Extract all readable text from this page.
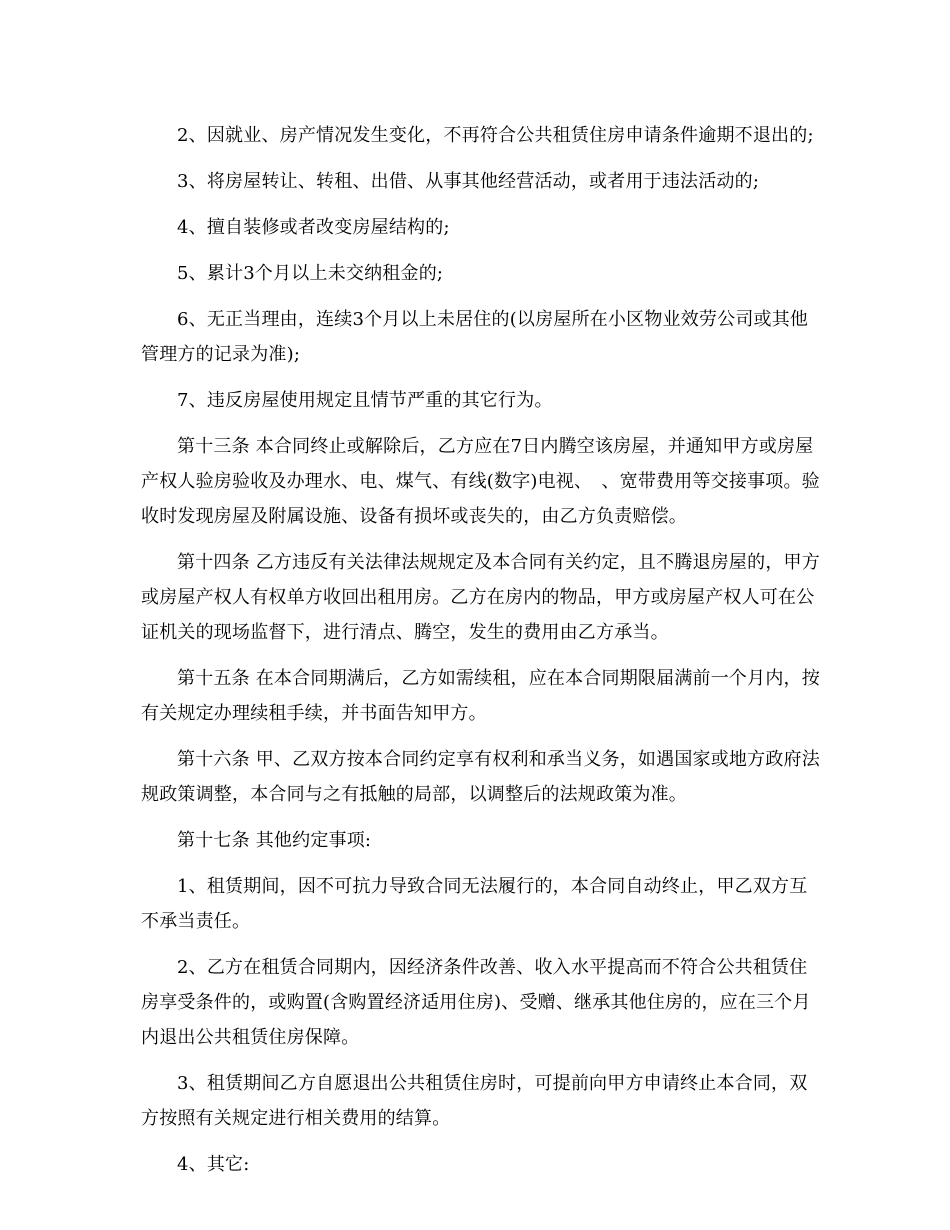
2、因就业、房产情况发生变化，不再符合公共租赁住房申请条件逾期不退出的;

3、将房屋转让、转租、出借、从事其他经营活动，或者用于违法活动的;

4、擅自装修或者改变房屋结构的;

5、累计3个月以上未交纳租金的;

6、无正当理由，连续3个月以上未居住的(以房屋所在小区物业效劳公司或其他管理方的记录为准);

7、违反房屋使用规定且情节严重的其它行为。

第十三条 本合同终止或解除后，乙方应在7日内腾空该房屋，并通知甲方或房屋产权人验房验收及办理水、电、煤气、有线(数字)电视、　、宽带费用等交接事项。验收时发现房屋及附属设施、设备有损坏或丧失的，由乙方负责赔偿。

第十四条 乙方违反有关法律法规规定及本合同有关约定，且不腾退房屋的，甲方或房屋产权人有权单方收回出租用房。乙方在房内的物品，甲方或房屋产权人可在公证机关的现场监督下，进行清点、腾空，发生的费用由乙方承当。

第十五条 在本合同期满后，乙方如需续租，应在本合同期限届满前一个月内，按有关规定办理续租手续，并书面告知甲方。

第十六条 甲、乙双方按本合同约定享有权利和承当义务，如遇国家或地方政府法规政策调整，本合同与之有抵触的局部，以调整后的法规政策为准。

第十七条 其他约定事项:

1、租赁期间，因不可抗力导致合同无法履行的，本合同自动终止，甲乙双方互不承当责任。

2、乙方在租赁合同期内，因经济条件改善、收入水平提高而不符合公共租赁住房享受条件的，或购置(含购置经济适用住房)、受赠、继承其他住房的，应在三个月内退出公共租赁住房保障。

3、租赁期间乙方自愿退出公共租赁住房时，可提前向甲方申请终止本合同，双方按照有关规定进行相关费用的结算。

4、其它:
